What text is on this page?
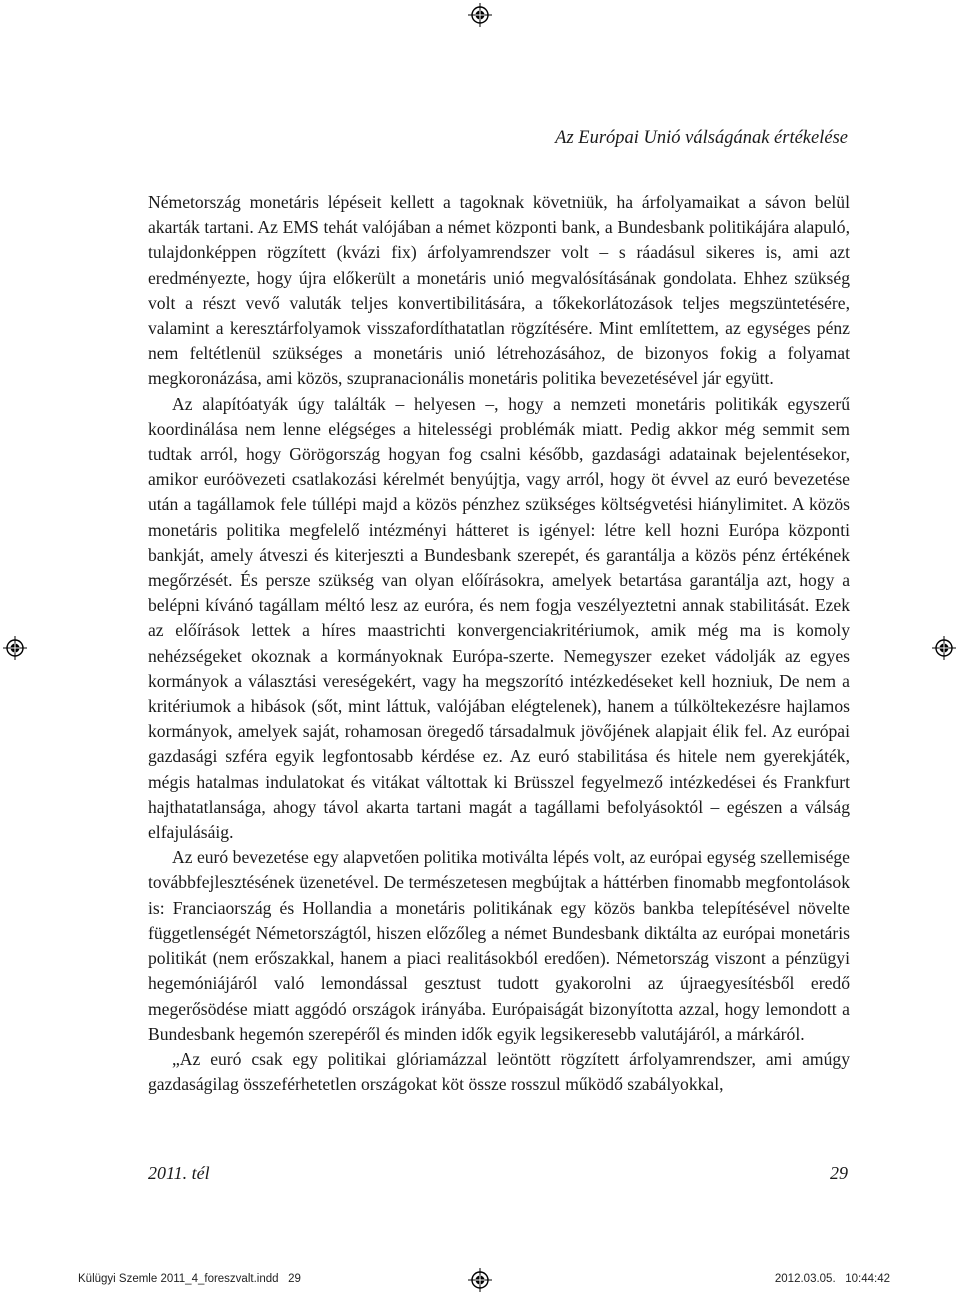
Az Európai Unió válságának értékelése

Németország monetáris lépéseit kellett a tagoknak követniük, ha árfolyamaikat a sávon belül akarták tartani. Az EMS tehát valójában a német központi bank, a Bundesbank politikájára alapuló, tulajdonképpen rögzített (kvázi fix) árfolyamrendszer volt – s ráadásul sikeres is, ami azt eredményezte, hogy újra előkerült a monetáris unió megvalósításának gondolata. Ehhez szükség volt a részt vevő valuták teljes konvertibilitására, a tőkekorlátozások teljes megszüntetésére, valamint a keresztárfolyamok visszafordíthatatlan rögzítésére. Mint említettem, az egységes pénz nem feltétlenül szükséges a monetáris unió létrehozásához, de bizonyos fokig a folyamat megkoronázása, ami közös, szupranacionális monetáris politika bevezetésével jár együtt.

Az alapítóatyák úgy találták – helyesen –, hogy a nemzeti monetáris politikák egyszerű koordinálása nem lenne elégséges a hitelességi problémák miatt. Pedig akkor még semmit sem tudtak arról, hogy Görögország hogyan fog csalni később, gazdasági adatainak bejelentésekor, amikor euróövezeti csatlakozási kérelmét benyújtja, vagy arról, hogy öt évvel az euró bevezetése után a tagállamok fele túllépi majd a közös pénzhez szükséges költségvetési hiánylimitet. A közös monetáris politika megfelelő intézményi hátteret is igényel: létre kell hozni Európa központi bankját, amely átveszi és kiterjeszti a Bundesbank szerepét, és garantálja a közös pénz értékének megőrzését. És persze szükség van olyan előírásokra, amelyek betartása garantálja azt, hogy a belépni kívánó tagállam méltó lesz az euróra, és nem fogja veszélyeztetni annak stabilitását. Ezek az előírások lettek a híres maastrichti konvergenciakritériumok, amik még ma is komoly nehézségeket okoznak a kormányoknak Európa-szerte. Nemegyszer ezeket vádolják az egyes kormányok a választási vereségekért, vagy ha megszorító intézkedéseket kell hozniuk, De nem a kritériumok a hibások (sőt, mint láttuk, valójában elégtelenek), hanem a túlköltekezésre hajlamos kormányok, amelyek saját, rohamosan öregedő társadalmuk jövőjének alapjait élik fel. Az európai gazdasági szféra egyik legfontosabb kérdése ez. Az euró stabilitása és hitele nem gyerekjáték, mégis hatalmas indulatokat és vitákat váltottak ki Brüsszel fegyelmező intézkedései és Frankfurt hajthatatlansága, ahogy távol akarta tartani magát a tagállami befolyásoktól – egészen a válság elfajulásáig.

Az euró bevezetése egy alapvetően politika motiválta lépés volt, az európai egység szellemisége továbbfejlesztésének üzenetével. De természetesen megbújtak a háttérben finomabb megfontolások is: Franciaország és Hollandia a monetáris politikának egy közös bankba telepítésével növelte függetlenségét Németországtól, hiszen előzőleg a német Bundesbank diktálta az európai monetáris politikát (nem erőszakkal, hanem a piaci realitásokból eredően). Németország viszont a pénzügyi hegemóniájáról való lemondással gesztust tudott gyakorolni az újraegyesítésből eredő megerősödése miatt aggódó országok irányába. Európaiságát bizonyította azzal, hogy lemondott a Bundesbank hegemón szerepéről és minden idők egyik legsikeresebb valutájáról, a márkáról.

„Az euró csak egy politikai glóriamázzal leöntött rögzített árfolyamrendszer, ami amúgy gazdaságilag összeférhetetlen országokat köt össze rosszul működő szabályokkal,

2011. tél	29
Külügyi Szemle 2011_4_foreszvalt.indd   29	2012.03.05.   10:44:42
